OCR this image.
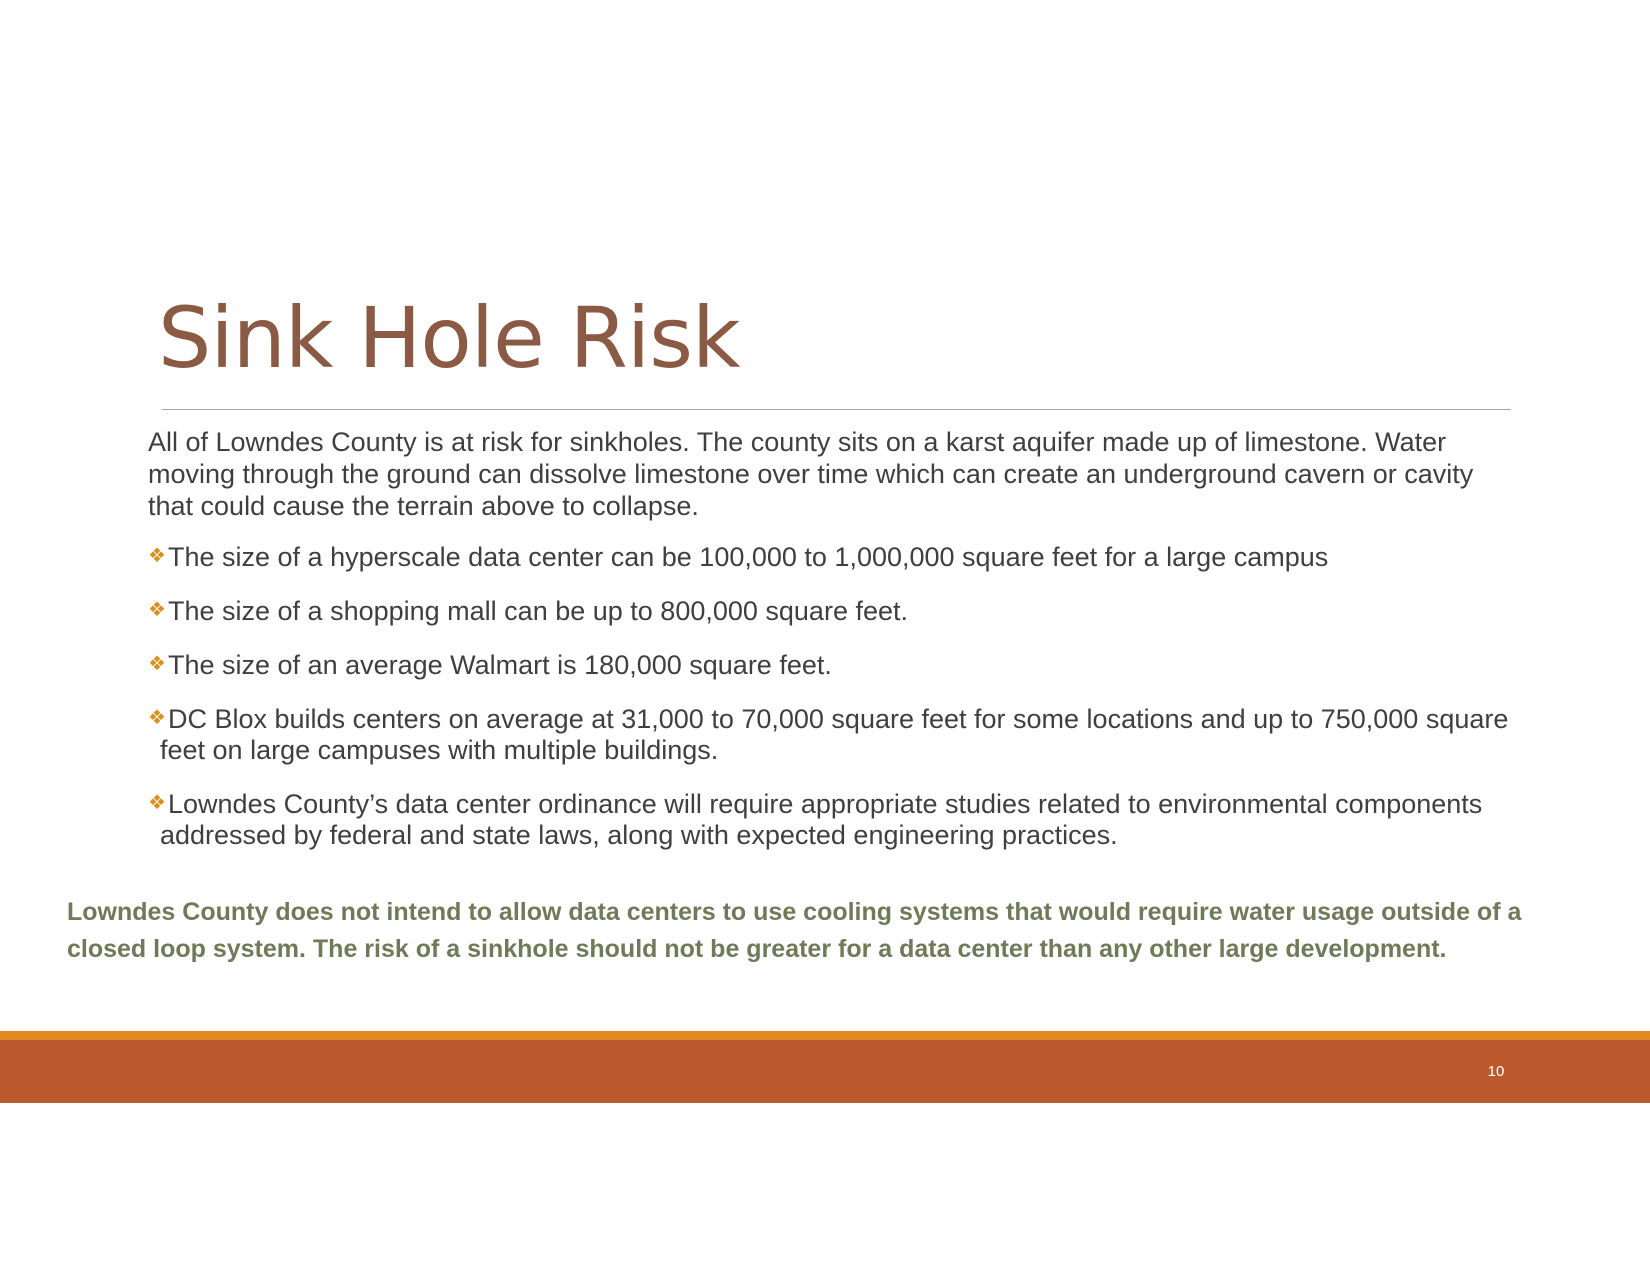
Sink Hole Risk

All of Lowndes County is at risk for sinkholes. The county sits on a karst aquifer made up of limestone. Water moving through the ground can dissolve limestone over time which can create an underground cavern or cavity that could cause the terrain above to collapse.

❖The size of a hyperscale data center can be 100,000 to 1,000,000 square feet for a large campus
❖The size of a shopping mall can be up to 800,000 square feet.
❖The size of an average Walmart is 180,000 square feet.
❖DC Blox builds centers on average at 31,000 to 70,000 square feet for some locations and up to 750,000 square feet on large campuses with multiple buildings.
❖Lowndes County’s data center ordinance will require appropriate studies related to environmental components addressed by federal and state laws, along with expected engineering practices.

Lowndes County does not intend to allow data centers to use cooling systems that would require water usage outside of a closed loop system. The risk of a sinkhole should not be greater for a data center than any other large development.

10
